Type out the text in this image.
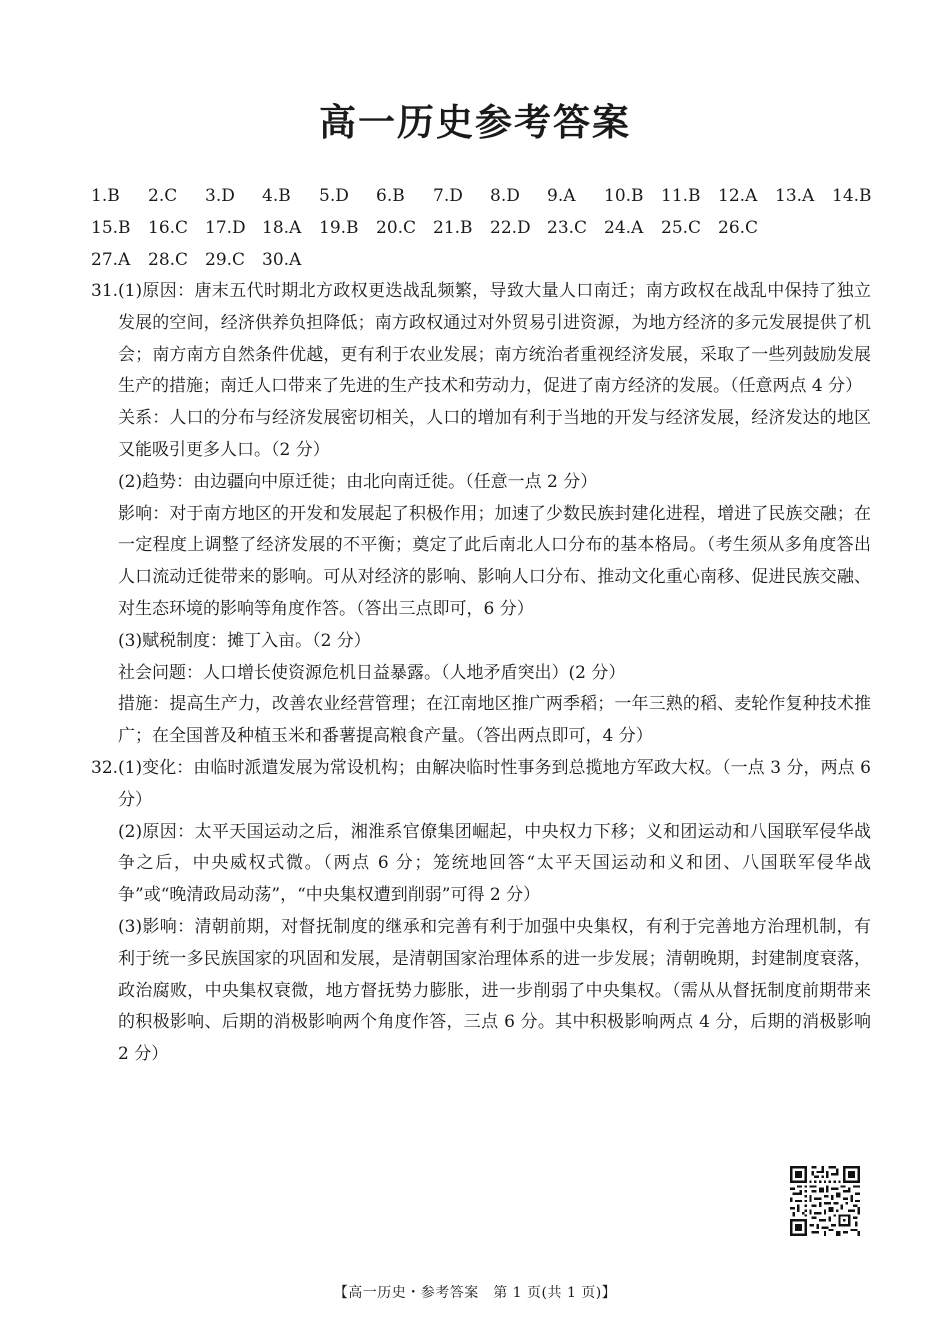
高一历史参考答案
1.B	2.C	3.D	4.B	5.D	6.B	7.D	8.D	9.A	10.B	11.B	12.A	13.A	14.B
15.B	16.C 17.D 18.A	19.B	20.C 21.B	22.D 23.C 24.A	25.C 26.C
27.A	28.C 29.C 30.A
31. (1)原因：唐末五代时期北方政权更迭战乱频繁，导致大量人口南迁；南方政权在战乱中保持了独立发展的空间，经济供养负担降低；南方政权通过对外贸易引进资源，为地方经济的多元发展提供了机会；南方南方自然条件优越，更有利于农业发展；南方统治者重视经济发展，采取了一些列鼓励发展生产的措施；南迁人口带来了先进的生产技术和劳动力，促进了南方经济的发展。（任意两点 4 分）

关系：人口的分布与经济发展密切相关，人口的增加有利于当地的开发与经济发展，经济发达的地区又能吸引更多人口。（2 分）

(2)趋势：由边疆向中原迁徙；由北向南迁徙。（任意一点 2 分）

影响：对于南方地区的开发和发展起了积极作用；加速了少数民族封建化进程，增进了民族交融；在一定程度上调整了经济发展的不平衡；奠定了此后南北人口分布的基本格局。（考生须从多角度答出人口流动迁徙带来的影响。可从对经济的影响、影响人口分布、推动文化重心南移、促进民族交融、对生态环境的影响等角度作答。（答出三点即可，6 分）

(3)赋税制度：摊丁入亩。（2 分）

社会问题：人口增长使资源危机日益暴露。（人地矛盾突出）(2 分）

措施：提高生产力，改善农业经营管理；在江南地区推广两季稻；一年三熟的稻、麦轮作复种技术推广；在全国普及种植玉米和番薯提高粮食产量。（答出两点即可，4 分）

32. (1)变化：由临时派遣发展为常设机构；由解决临时性事务到总揽地方军政大权。（一点 3 分，两点 6 分）

(2)原因：太平天国运动之后，湘淮系官僚集团崛起，中央权力下移；义和团运动和八国联军侵华战争之后，中央威权式微。（两点 6 分；笼统地回答“太平天国运动和义和团、八国联军侵华战争”或“晚清政局动荡”，“中央集权遭到削弱”可得 2 分）

(3)影响：清朝前期，对督抚制度的继承和完善有利于加强中央集权，有利于完善地方治理机制，有利于统一多民族国家的巩固和发展，是清朝国家治理体系的进一步发展；清朝晚期，封建制度衰落，政治腐败，中央集权衰微，地方督抚势力膨胀，进一步削弱了中央集权。（需从从督抚制度前期带来的积极影响、后期的消极影响两个角度作答，三点 6 分。其中积极影响两点 4 分，后期的消极影响 2 分）

【高一历史・参考答案　第 1 页(共 1 页)】
